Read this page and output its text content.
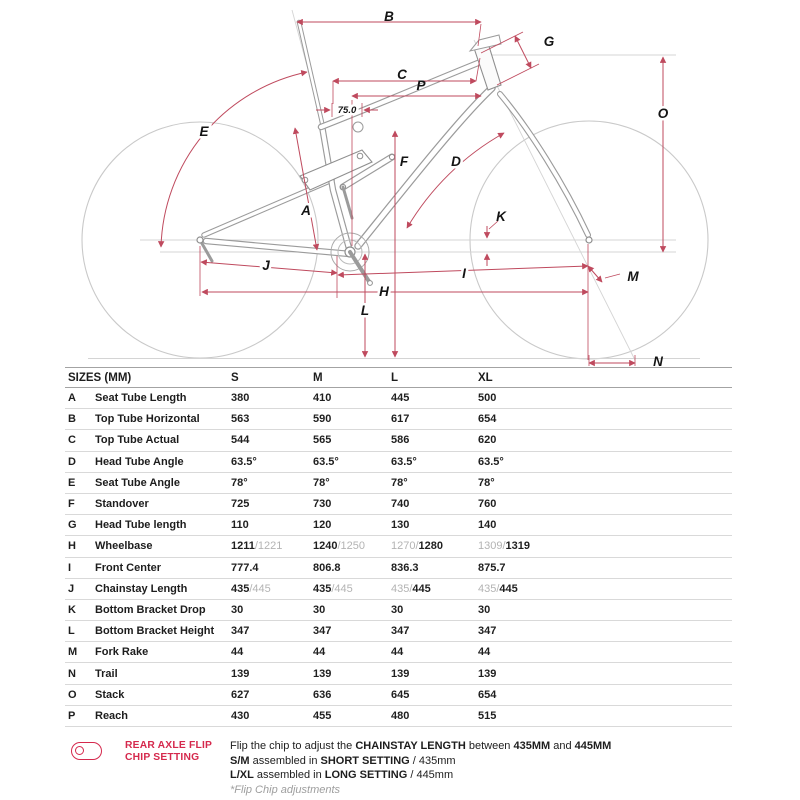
B
G
C
P
75.0
E
O
F	D
A	K
J
I	M
H
L
N
SIZES (MM)	S	M	L	XL
A	Seat Tube Length	380	410	445	500
B	Top Tube Horizontal	563	590	617	654
C	Top Tube Actual	544	565	586	620
D	Head Tube Angle	63.5°	63.5°	63.5°	63.5°
E	Seat Tube Angle	78°	78°	78°	78°
F	Standover	725	730	740	760
G	Head Tube length	110	120	130	140
H	Wheelbase	1211/1221	1240/1250	1270/1280	1309/1319
I	Front Center	777.4	806.8	836.3	875.7
J	Chainstay Length	435/445	435/445	435/445	435/445
K	Bottom Bracket Drop	30	30	30	30
L	Bottom Bracket Height	347	347	347	347
M	Fork Rake	44	44	44	44
N	Trail	139	139	139	139
O	Stack	627	636	645	654
P	Reach	430	455	480	515
REAR AXLE FLIP
CHIP SETTING
Flip the chip to adjust the CHAINSTAY LENGTH between 435MM and 445MM
S/M assembled in SHORT SETTING / 435mm
L/XL assembled in LONG SETTING / 445mm
*Flip Chip adjustments
